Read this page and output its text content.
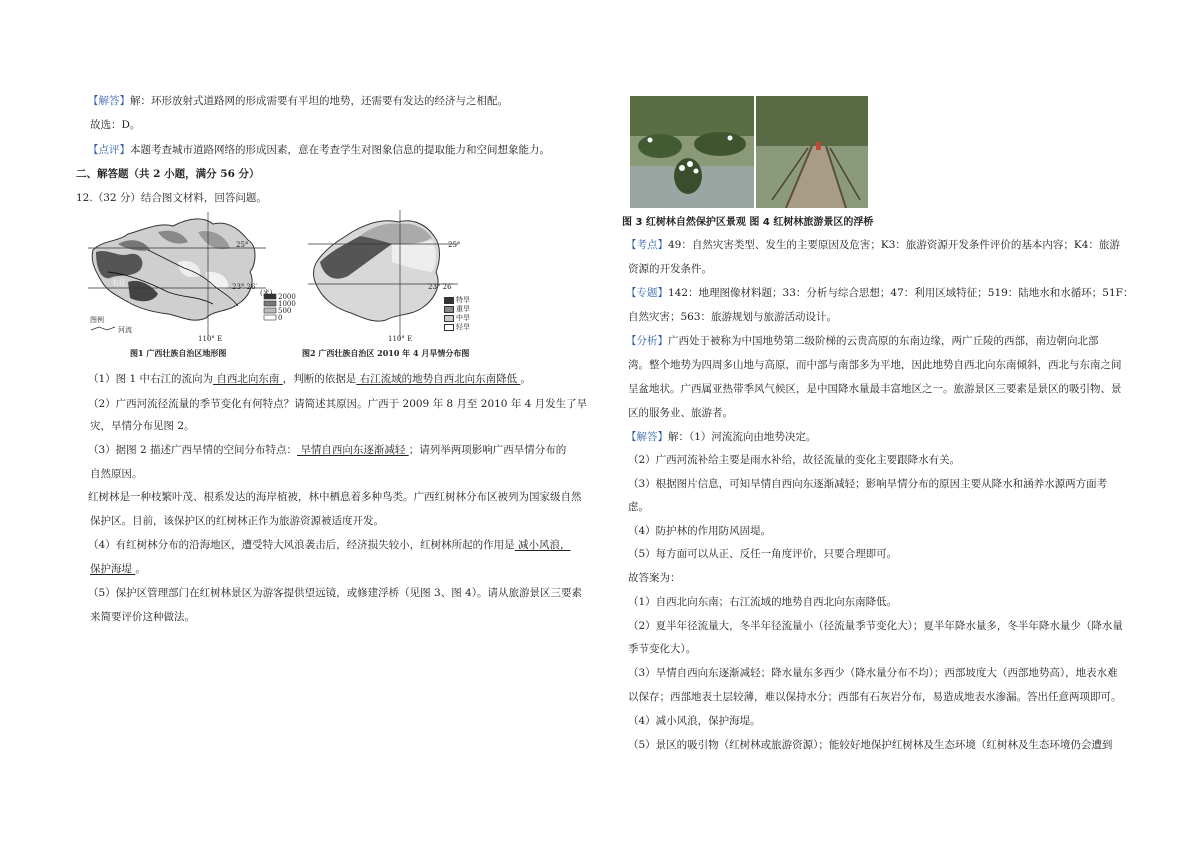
【解答】解：环形放射式道路网的形成需要有平坦的地势，还需要有发达的经济与之相配。
故选：D。
【点评】本题考查城市道路网络的形成因素，意在考查学生对图象信息的提取能力和空间想象能力。
二、解答题（共 2 小题，满分 56 分）
12.（32 分）结合图文材料，回答问题。
25°
23° 26′
110° E
右江
(米) 2000
1000
500
0
图例
河流
图1 广西壮族自治区地形图
25°
23° 26′
110° E
特旱
重旱
中旱
轻旱
图2 广西壮族自治区 2010 年 4 月旱情分布图
（1）图 1 中右江的流向为 自西北向东南 ，判断的依据是 右江流域的地势自西北向东南降低 。
（2）广西河流径流量的季节变化有何特点？请简述其原因。广西于 2009 年 8 月至 2010 年 4 月发生了旱
灾，旱情分布见图 2。
（3）据图 2 描述广西旱情的空间分布特点： 旱情自西向东逐渐减轻 ；请列举两项影响广西旱情分布的
自然原因。
红树林是一种枝繁叶茂、根系发达的海岸植被，林中栖息着多种鸟类。广西红树林分布区被列为国家级自然
保护区。目前，该保护区的红树林正作为旅游资源被适度开发。
（4）有红树林分布的沿海地区，遭受特大风浪袭击后，经济损失较小，红树林所起的作用是 减小风浪，
保护海堤 。
（5）保护区管理部门在红树林景区为游客提供望远镜，或修建浮桥（见图 3、图 4）。请从旅游景区三要素
来简要评价这种做法。
图 3 红树林自然保护区景观 图 4 红树林旅游景区的浮桥
【考点】49：自然灾害类型、发生的主要原因及危害；K3：旅游资源开发条件评价的基本内容；K4：旅游
资源的开发条件。
【专题】142：地理图像材料题；33：分析与综合思想；47：利用区域特征；519：陆地水和水循环；51F：
自然灾害；563：旅游规划与旅游活动设计。
【分析】广西处于被称为中国地势第二级阶梯的云贵高原的东南边缘，两广丘陵的西部，南边朝向北部
湾。整个地势为四周多山地与高原，而中部与南部多为平地，因此地势自西北向东南倾斜，西北与东南之间
呈盆地状。广西属亚热带季风气候区，是中国降水量最丰富地区之一。旅游景区三要素是景区的吸引物、景
区的服务业、旅游者。
【解答】解：（1）河流流向由地势决定。
（2）广西河流补给主要是雨水补给，故径流量的变化主要跟降水有关。
（3）根据图片信息，可知旱情自西向东逐渐减轻；影响旱情分布的原因主要从降水和涵养水源两方面考
虑。
（4）防护林的作用防风固堤。
（5）每方面可以从正、反任一角度评价，只要合理即可。
故答案为：
（1）自西北向东南；右江流域的地势自西北向东南降低。
（2）夏半年径流量大，冬半年径流量小（径流量季节变化大）；夏半年降水量多，冬半年降水量少（降水量
季节变化大）。
（3）旱情自西向东逐渐减轻；降水量东多西少（降水量分布不均）；西部坡度大（西部地势高），地表水难
以保存；西部地表土层较薄，难以保持水分；西部有石灰岩分布，易造成地表水渗漏。答出任意两项即可。
（4）减小风浪，保护海堤。
（5）景区的吸引物（红树林或旅游资源）；能较好地保护红树林及生态环境（红树林及生态环境仍会遭到
